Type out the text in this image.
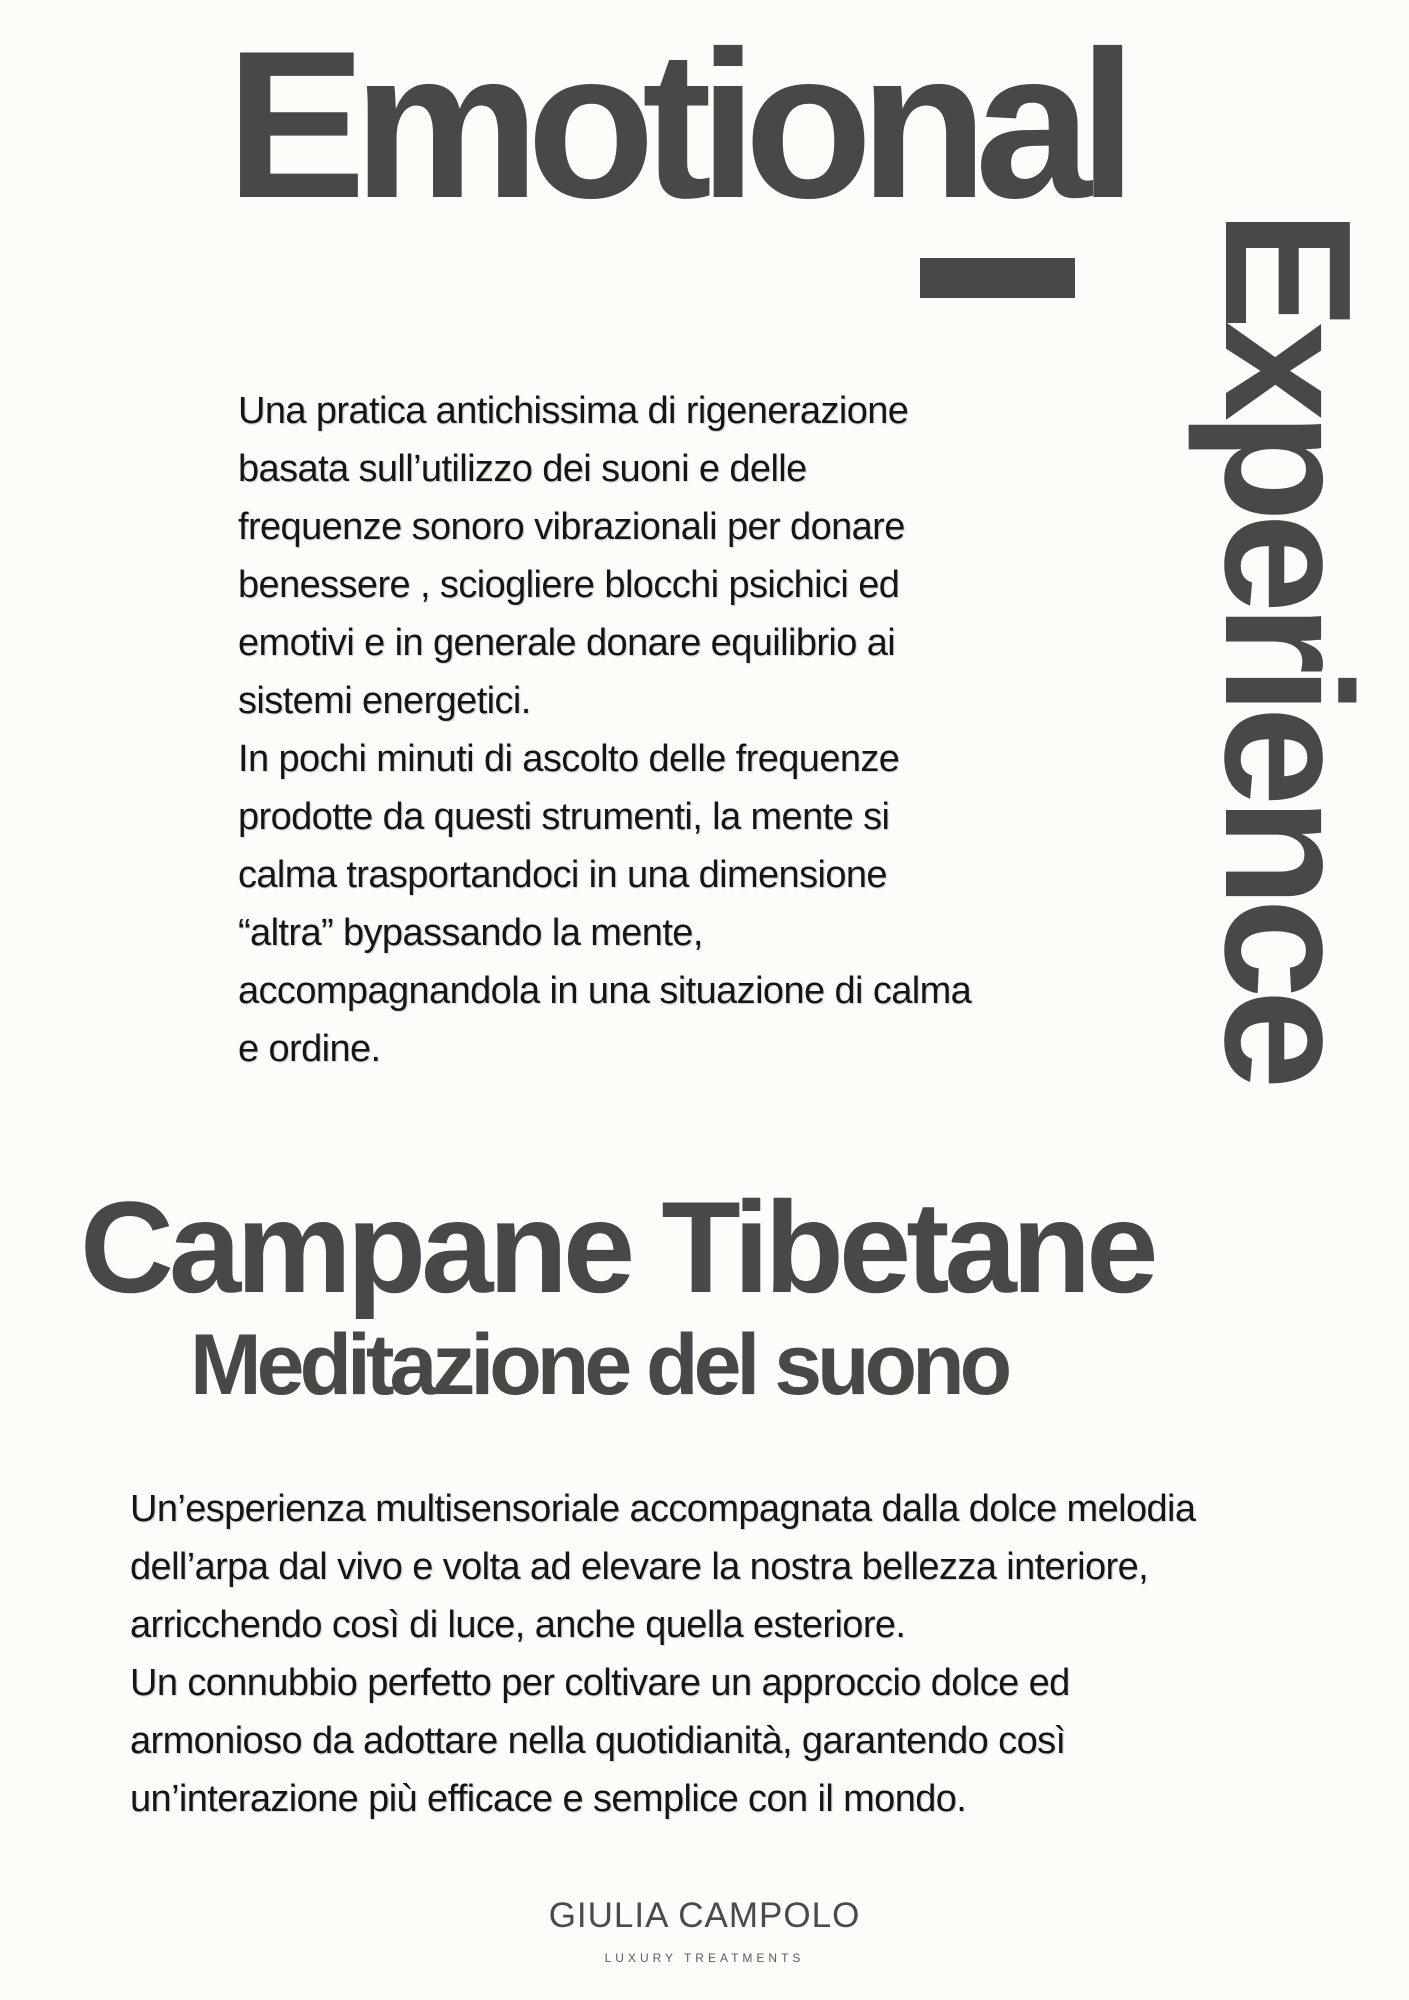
Emotional
Experience

Una pratica antichissima di rigenerazione
basata sull’utilizzo dei suoni e delle
frequenze sonoro vibrazionali per donare
benessere , sciogliere blocchi psichici ed
emotivi e in generale donare equilibrio ai
sistemi energetici.

In pochi minuti di ascolto delle frequenze
prodotte da questi strumenti, la mente si
calma trasportandoci in una dimensione
“altra” bypassando la mente,
accompagnandola in una situazione di calma
e ordine.

Campane Tibetane
Meditazione del suono

Un’esperienza multisensoriale accompagnata dalla dolce melodia
dell’arpa dal vivo e volta ad elevare la nostra bellezza interiore,
arricchendo così di luce, anche quella esteriore.

Un connubbio perfetto per coltivare un approccio dolce ed
armonioso da adottare nella quotidianità, garantendo così
un’interazione più efficace e semplice con il mondo.

GIULIA CAMPOLO
LUXURY TREATMENTS
